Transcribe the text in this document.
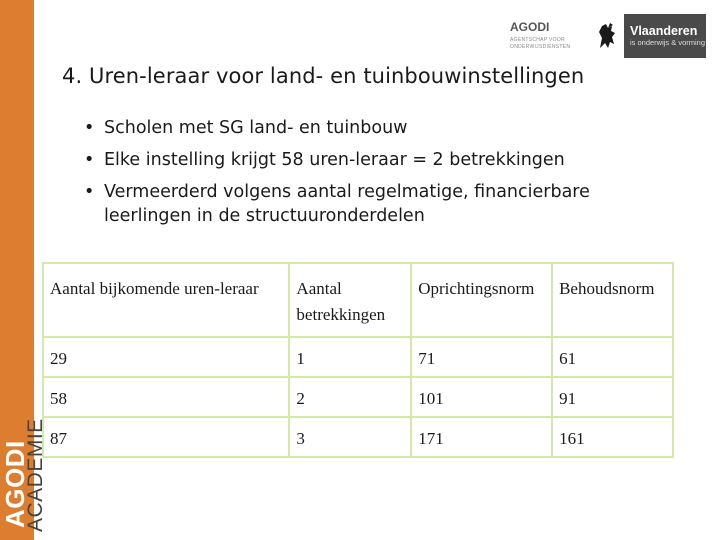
AGODI
ACADEMIE
AGODI
AGENTSCHAP VOOR ONDERWIJSDIENSTEN
Vlaanderen
is onderwijs & vorming
4. Uren-leraar voor land- en tuinbouwinstellingen
• Scholen met SG land- en tuinbouw
• Elke instelling krijgt 58 uren-leraar = 2 betrekkingen
• Vermeerderd volgens aantal regelmatige, financierbare leerlingen in de structuuronderdelen
Aantal bijkomende uren-leraar	Aantal betrekkingen	Oprichtingsnorm	Behoudsnorm
29	1	71	61
58	2	101	91
87	3	171	161
